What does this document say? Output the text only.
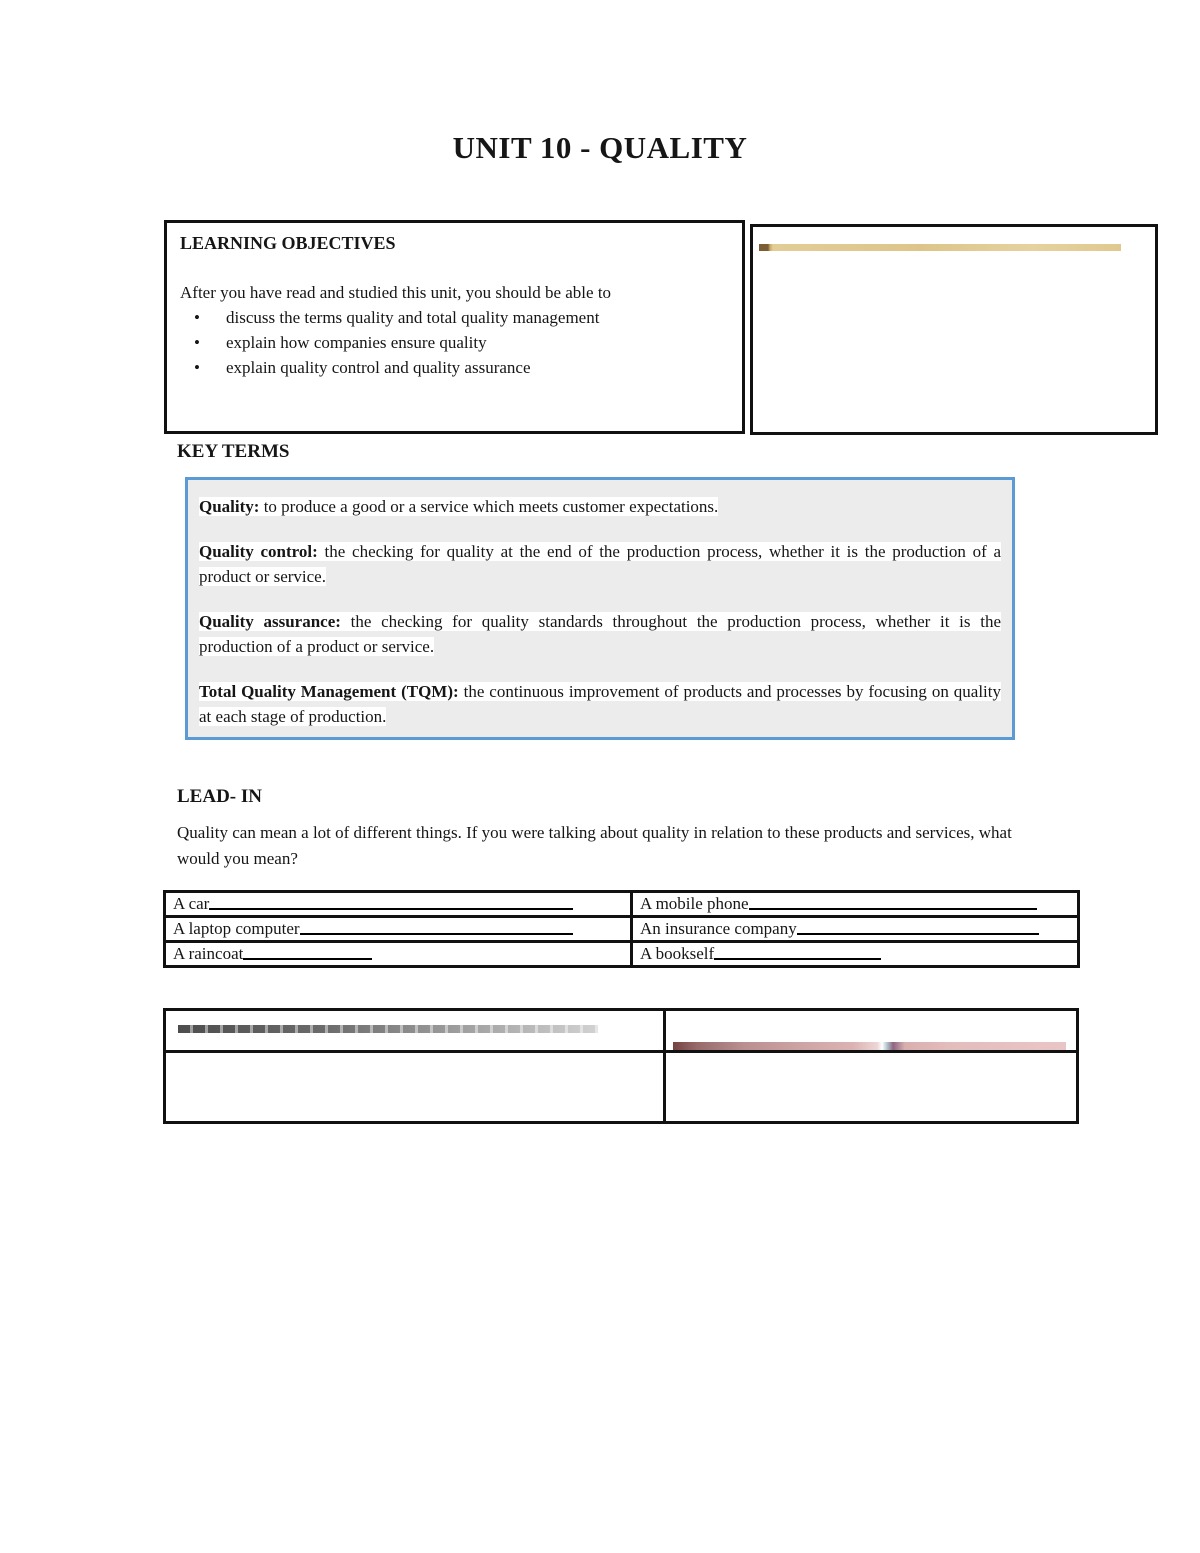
UNIT 10 - QUALITY
LEARNING OBJECTIVES
After you have read and studied this unit, you should be able to
• discuss the terms quality and total quality management
• explain how companies ensure quality
• explain quality control and quality assurance
KEY TERMS

Quality: to produce a good or a service which meets customer expectations.

Quality control: the checking for quality at the end of the production process, whether it is the production of a product or service.

Quality assurance: the checking for quality standards throughout the production process, whether it is the production of a product or service.

Total Quality Management (TQM): the continuous improvement of products and processes by focusing on quality at each stage of production.

LEAD- IN
Quality can mean a lot of different things. If you were talking about quality in relation to these products and services, what would you mean?
A car	A mobile phone
A laptop computer	An insurance company
A raincoat	A bookself
